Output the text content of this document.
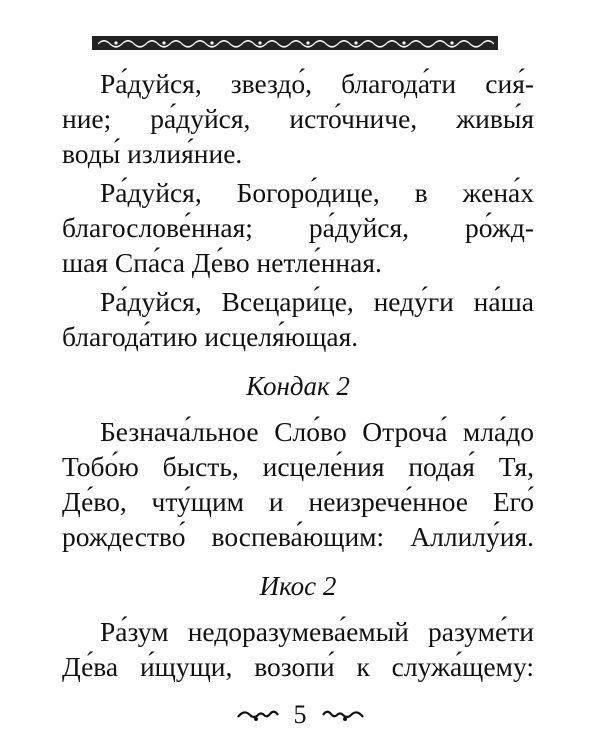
Ра́дуйся, звездо́, благода́ти сия́-
ние; ра́дуйся, исто́чниче, живы́я
воды́ излия́ние.

Ра́дуйся, Богоро́дице, в жена́х
благослове́нная; ра́дуйся, ро́жд-
шая Спа́са Де́во нетле́нная.

Ра́дуйся, Всецари́це, неду́ги на́ша
благода́тию исцеля́ющая.

Кондак 2

Безнача́льное Сло́во Отроча́ мла́до
Тобо́ю бысть, исцеле́ния подая́ Тя,
Де́во, чту́щим и неизрече́нное Его́
рождество́ воспева́ющим: Аллилу́ия.

Икос 2

Ра́зум недоразумева́емый разуме́ти
Де́ва и́щущи, возопи́ к служа́щему:

5
